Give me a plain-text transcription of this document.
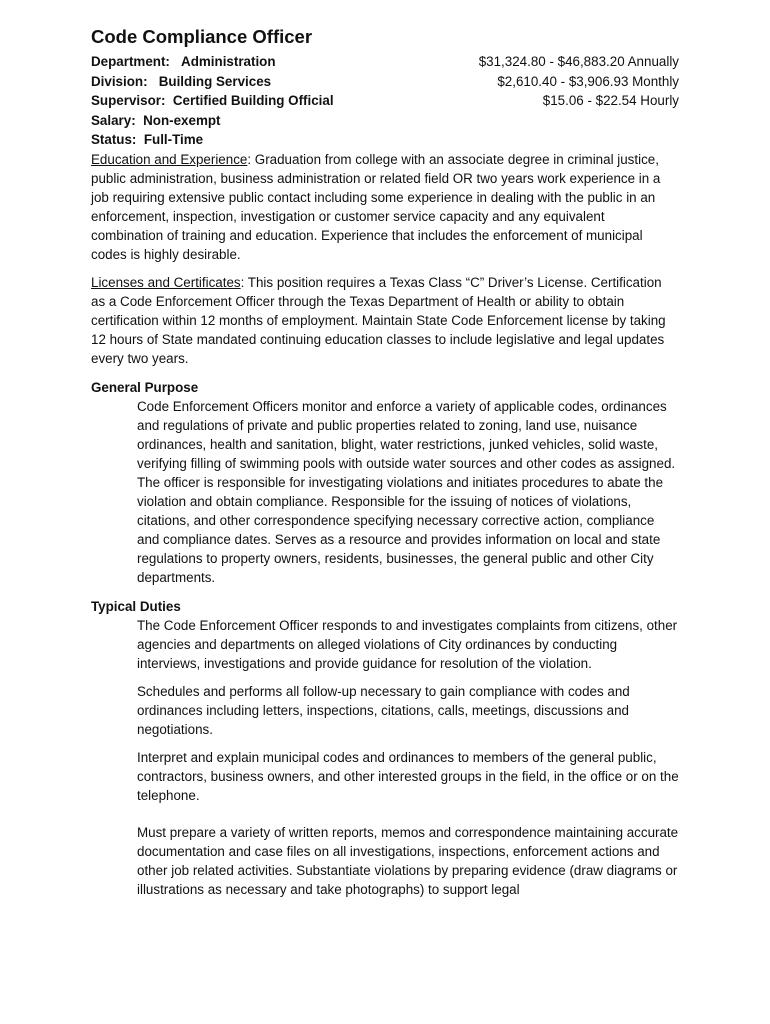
Code Compliance Officer
Department: Administration	$31,324.80 - $46,883.20 Annually
Division: Building Services	$2,610.40 - $3,906.93 Monthly
Supervisor: Certified Building Official	$15.06 - $22.54 Hourly
Salary: Non-exempt
Status: Full-Time

Education and Experience: Graduation from college with an associate degree in criminal justice, public administration, business administration or related field OR two years work experience in a job requiring extensive public contact including some experience in dealing with the public in an enforcement, inspection, investigation or customer service capacity and any equivalent combination of training and education. Experience that includes the enforcement of municipal codes is highly desirable.

Licenses and Certificates: This position requires a Texas Class “C” Driver’s License. Certification as a Code Enforcement Officer through the Texas Department of Health or ability to obtain certification within 12 months of employment. Maintain State Code Enforcement license by taking 12 hours of State mandated continuing education classes to include legislative and legal updates every two years.

General Purpose

Code Enforcement Officers monitor and enforce a variety of applicable codes, ordinances and regulations of private and public properties related to zoning, land use, nuisance ordinances, health and sanitation, blight, water restrictions, junked vehicles, solid waste, verifying filling of swimming pools with outside water sources and other codes as assigned. The officer is responsible for investigating violations and initiates procedures to abate the violation and obtain compliance. Responsible for the issuing of notices of violations, citations, and other correspondence specifying necessary corrective action, compliance and compliance dates. Serves as a resource and provides information on local and state regulations to property owners, residents, businesses, the general public and other City departments.

Typical Duties

The Code Enforcement Officer responds to and investigates complaints from citizens, other agencies and departments on alleged violations of City ordinances by conducting interviews, investigations and provide guidance for resolution of the violation.

Schedules and performs all follow-up necessary to gain compliance with codes and ordinances including letters, inspections, citations, calls, meetings, discussions and negotiations.

Interpret and explain municipal codes and ordinances to members of the general public, contractors, business owners, and other interested groups in the field, in the office or on the telephone.

Must prepare a variety of written reports, memos and correspondence maintaining accurate documentation and case files on all investigations, inspections, enforcement actions and other job related activities. Substantiate violations by preparing evidence (draw diagrams or illustrations as necessary and take photographs) to support legal
